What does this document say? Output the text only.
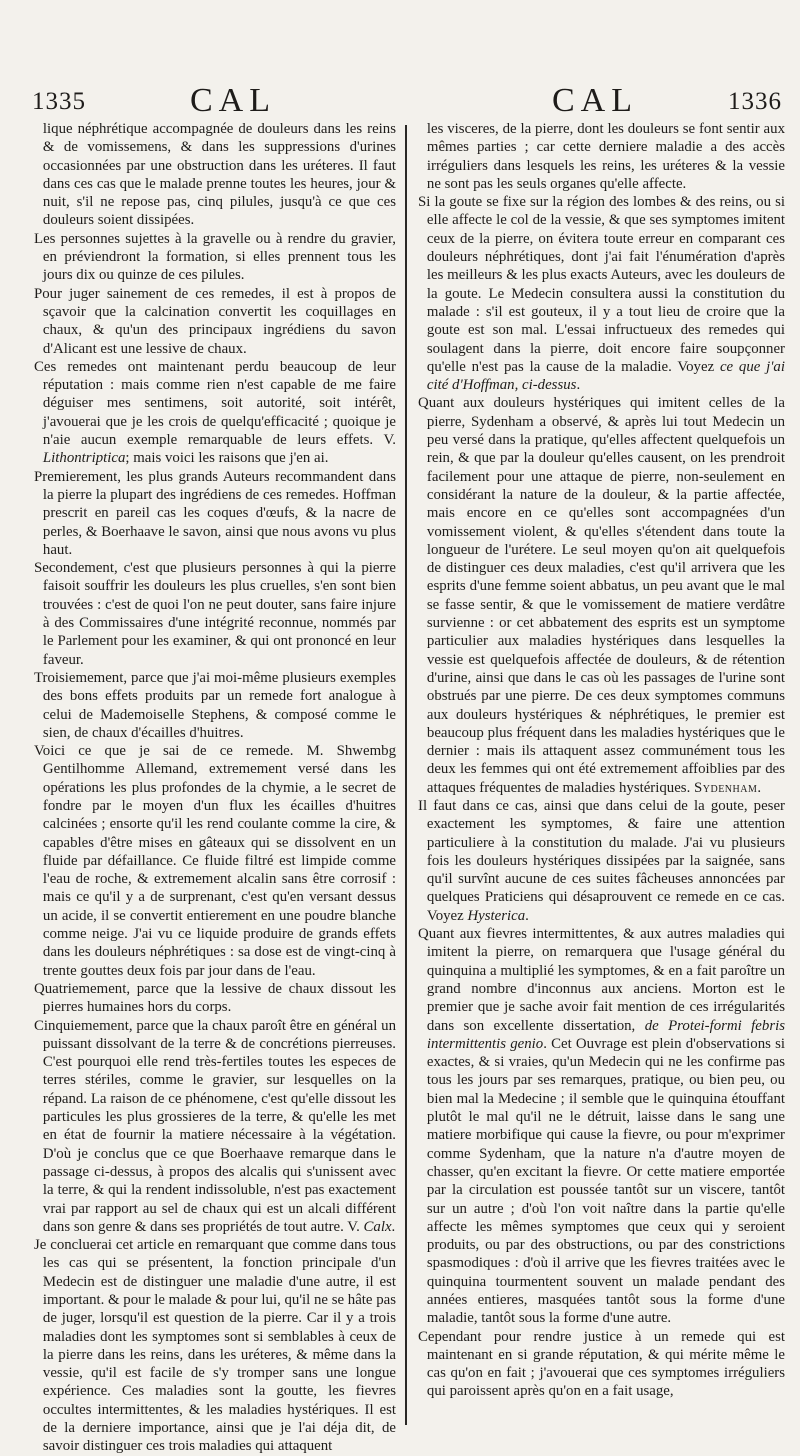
1335	CAL	CAL	1336

lique néphrétique accompagnée de douleurs dans les reins & de vomissemens, & dans les suppressions d'urines occasionnées par une obstruction dans les uréteres. Il faut dans ces cas que le malade prenne toutes les heures, jour & nuit, s'il ne repose pas, cinq pilules, jusqu'à ce que ces douleurs soient dissipées.

Les personnes sujettes à la gravelle ou à rendre du gravier, en préviendront la formation, si elles prennent tous les jours dix ou quinze de ces pilules.

Pour juger sainement de ces remedes, il est à propos de sçavoir que la calcination convertit les coquillages en chaux, & qu'un des principaux ingrédiens du savon d'Alicant est une lessive de chaux.

Ces remedes ont maintenant perdu beaucoup de leur réputation : mais comme rien n'est capable de me faire déguiser mes sentimens, soit autorité, soit intérêt, j'avouerai que je les crois de quelqu'efficacité ; quoique je n'aie aucun exemple remarquable de leurs effets. V. Lithontriptica; mais voici les raisons que j'en ai.

Premierement, les plus grands Auteurs recommandent dans la pierre la plupart des ingrédiens de ces remedes. Hoffman prescrit en pareil cas les coques d'œufs, & la nacre de perles, & Boerhaave le savon, ainsi que nous avons vu plus haut.

Secondement, c'est que plusieurs personnes à qui la pierre faisoit souffrir les douleurs les plus cruelles, s'en sont bien trouvées : c'est de quoi l'on ne peut douter, sans faire injure à des Commissaires d'une intégrité reconnue, nommés par le Parlement pour les examiner, & qui ont prononcé en leur faveur.

Troisiemement, parce que j'ai moi-même plusieurs exemples des bons effets produits par un remede fort analogue à celui de Mademoiselle Stephens, & composé comme le sien, de chaux d'écailles d'huitres.

Voici ce que je sai de ce remede. M. Shwembg Gentilhomme Allemand, extremement versé dans les opérations les plus profondes de la chymie, a le secret de fondre par le moyen d'un flux les écailles d'huitres calcinées ; ensorte qu'il les rend coulante comme la cire, & capables d'être mises en gâteaux qui se dissolvent en un fluide par défaillance. Ce fluide filtré est limpide comme l'eau de roche, & extremement alcalin sans être corrosif : mais ce qu'il y a de surprenant, c'est qu'en versant dessus un acide, il se convertit entierement en une poudre blanche comme neige. J'ai vu ce liquide produire de grands effets dans les douleurs néphrétiques : sa dose est de vingt-cinq à trente gouttes deux fois par jour dans de l'eau.

Quatriemement, parce que la lessive de chaux dissout les pierres humaines hors du corps.

Cinquiemement, parce que la chaux paroît être en général un puissant dissolvant de la terre & de concrétions pierreuses. C'est pourquoi elle rend très-fertiles toutes les especes de terres stériles, comme le gravier, sur lesquelles on la répand. La raison de ce phénomene, c'est qu'elle dissout les particules les plus grossieres de la terre, & qu'elle les met en état de fournir la matiere nécessaire à la végétation. D'où je conclus que ce que Boerhaave remarque dans le passage ci-dessus, à propos des alcalis qui s'unissent avec la terre, & qui la rendent indissoluble, n'est pas exactement vrai par rapport au sel de chaux qui est un alcali différent dans son genre & dans ses propriétés de tout autre. V. Calx.

Je concluerai cet article en remarquant que comme dans tous les cas qui se présentent, la fonction principale d'un Medecin est de distinguer une maladie d'une autre, il est important. & pour le malade & pour lui, qu'il ne se hâte pas de juger, lorsqu'il est question de la pierre. Car il y a trois maladies dont les symptomes sont si semblables à ceux de la pierre dans les reins, dans les uréteres, & même dans la vessie, qu'il est facile de s'y tromper sans une longue expérience. Ces maladies sont la goutte, les fievres occultes intermittentes, & les maladies hystériques. Il est de la derniere importance, ainsi que je l'ai déja dit, de savoir distinguer ces trois maladies qui attaquent

les visceres, de la pierre, dont les douleurs se font sentir aux mêmes parties ; car cette derniere maladie a des accès irréguliers dans lesquels les reins, les uréteres & la vessie ne sont pas les seuls organes qu'elle affecte.

Si la goute se fixe sur la région des lombes & des reins, ou si elle affecte le col de la vessie, & que ses symptomes imitent ceux de la pierre, on évitera toute erreur en comparant ces douleurs néphrétiques, dont j'ai fait l'énumération d'après les meilleurs & les plus exacts Auteurs, avec les douleurs de la goute. Le Medecin consultera aussi la constitution du malade : s'il est gouteux, il y a tout lieu de croire que la goute est son mal. L'essai infructueux des remedes qui soulagent dans la pierre, doit encore faire soupçonner qu'elle n'est pas la cause de la maladie. Voyez ce que j'ai cité d'Hoffman, ci-dessus.

Quant aux douleurs hystériques qui imitent celles de la pierre, Sydenham a observé, & après lui tout Medecin un peu versé dans la pratique, qu'elles affectent quelquefois un rein, & que par la douleur qu'elles causent, on les prendroit facilement pour une attaque de pierre, non-seulement en considérant la nature de la douleur, & la partie affectée, mais encore en ce qu'elles sont accompagnées d'un vomissement violent, & qu'elles s'étendent dans toute la longueur de l'urétere. Le seul moyen qu'on ait quelquefois de distinguer ces deux maladies, c'est qu'il arrivera que les esprits d'une femme soient abbatus, un peu avant que le mal se fasse sentir, & que le vomissement de matiere verdâtre survienne : or cet abbatement des esprits est un symptome particulier aux maladies hystériques dans lesquelles la vessie est quelquefois affectée de douleurs, & de rétention d'urine, ainsi que dans le cas où les passages de l'urine sont obstrués par une pierre. De ces deux symptomes communs aux douleurs hystériques & néphrétiques, le premier est beaucoup plus fréquent dans les maladies hystériques que le dernier : mais ils attaquent assez communément tous les deux les femmes qui ont été extremement affoiblies par des attaques fréquentes de maladies hystériques. Sydenham.

Il faut dans ce cas, ainsi que dans celui de la goute, peser exactement les symptomes, & faire une attention particuliere à la constitution du malade. J'ai vu plusieurs fois les douleurs hystériques dissipées par la saignée, sans qu'il survînt aucune de ces suites fâcheuses annoncées par quelques Praticiens qui désaprouvent ce remede en ce cas. Voyez Hysterica.

Quant aux fievres intermittentes, & aux autres maladies qui imitent la pierre, on remarquera que l'usage général du quinquina a multiplié les symptomes, & en a fait paroître un grand nombre d'inconnus aux anciens. Morton est le premier que je sache avoir fait mention de ces irrégularités dans son excellente dissertation, de Protei-formi febris intermittentis genio. Cet Ouvrage est plein d'observations si exactes, & si vraies, qu'un Medecin qui ne les confirme pas tous les jours par ses remarques, pratique, ou bien peu, ou bien mal la Medecine ; il semble que le quinquina étouffant plutôt le mal qu'il ne le détruit, laisse dans le sang une matiere morbifique qui cause la fievre, ou pour m'exprimer comme Sydenham, que la nature n'a d'autre moyen de chasser, qu'en excitant la fievre. Or cette matiere emportée par la circulation est poussée tantôt sur un viscere, tantôt sur un autre ; d'où l'on voit naître dans la partie qu'elle affecte les mêmes symptomes que ceux qui y seroient produits, ou par des obstructions, ou par des constrictions spasmodiques : d'où il arrive que les fievres traitées avec le quinquina tourmentent souvent un malade pendant des années entieres, masquées tantôt sous la forme d'une maladie, tantôt sous la forme d'une autre.

Cependant pour rendre justice à un remede qui est maintenant en si grande réputation, & qui mérite même le cas qu'on en fait ; j'avouerai que ces symptomes irréguliers qui paroissent après qu'on en a fait usage,
